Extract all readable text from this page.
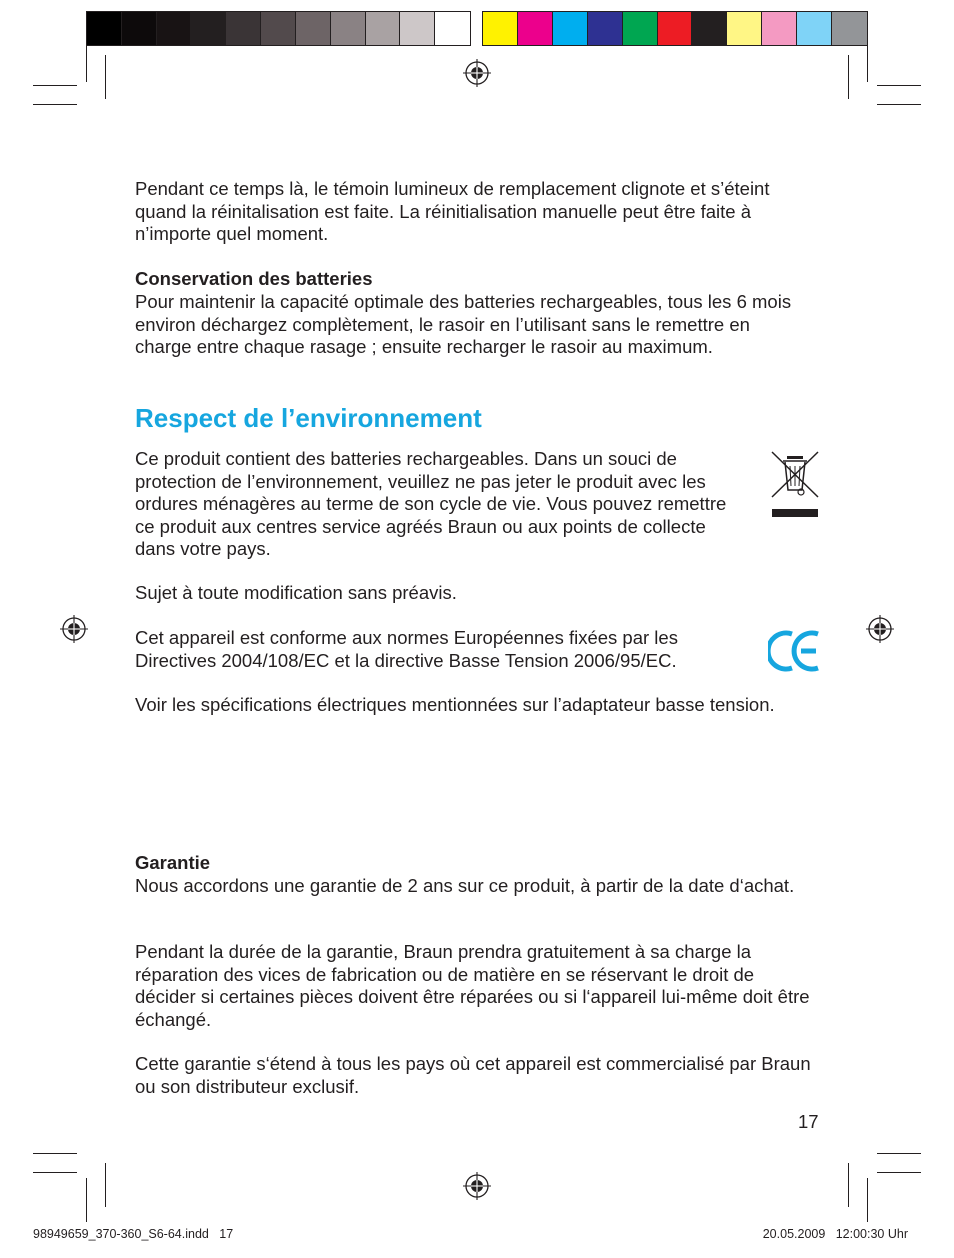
Pendant ce temps là, le témoin lumineux de remplacement clignote et s’éteint quand la réinitalisation est faite. La réinitialisation manuelle peut être faite à n’importe quel moment.

Conservation des batteries

Pour maintenir la capacité optimale des batteries rechargeables, tous les 6 mois environ déchargez complètement, le rasoir en l’utilisant sans le remettre en charge entre chaque rasage ; ensuite recharger le rasoir au maximum.

Respect de l’environnement

Ce produit contient des batteries rechargeables. Dans un souci de protection de l’environnement, veuillez ne pas jeter le produit avec les ordures ménagères au terme de son cycle de vie. Vous pouvez remettre ce produit aux centres service agréés Braun ou aux points de collecte dans votre pays.

Sujet à toute modification sans préavis.

Cet appareil est conforme aux normes Européennes fixées par les Directives 2004/108/EC et la directive Basse Tension 2006/95/EC.

Voir les spécifications électriques mentionnées sur l’adaptateur basse tension.

Garantie

Nous accordons une garantie de 2 ans sur ce produit, à partir de la date d‘achat.

Pendant la durée de la garantie, Braun prendra gratuitement à sa charge la réparation des vices de fabrication ou de matière en se réservant le droit de décider si certaines pièces doivent être réparées ou si l‘appareil lui-même doit être échangé.

Cette garantie s‘étend à tous les pays où cet appareil est commercialisé par Braun ou son distributeur exclusif.

17
98949659_370-360_S6-64.indd   17	20.05.2009   12:00:30 Uhr
